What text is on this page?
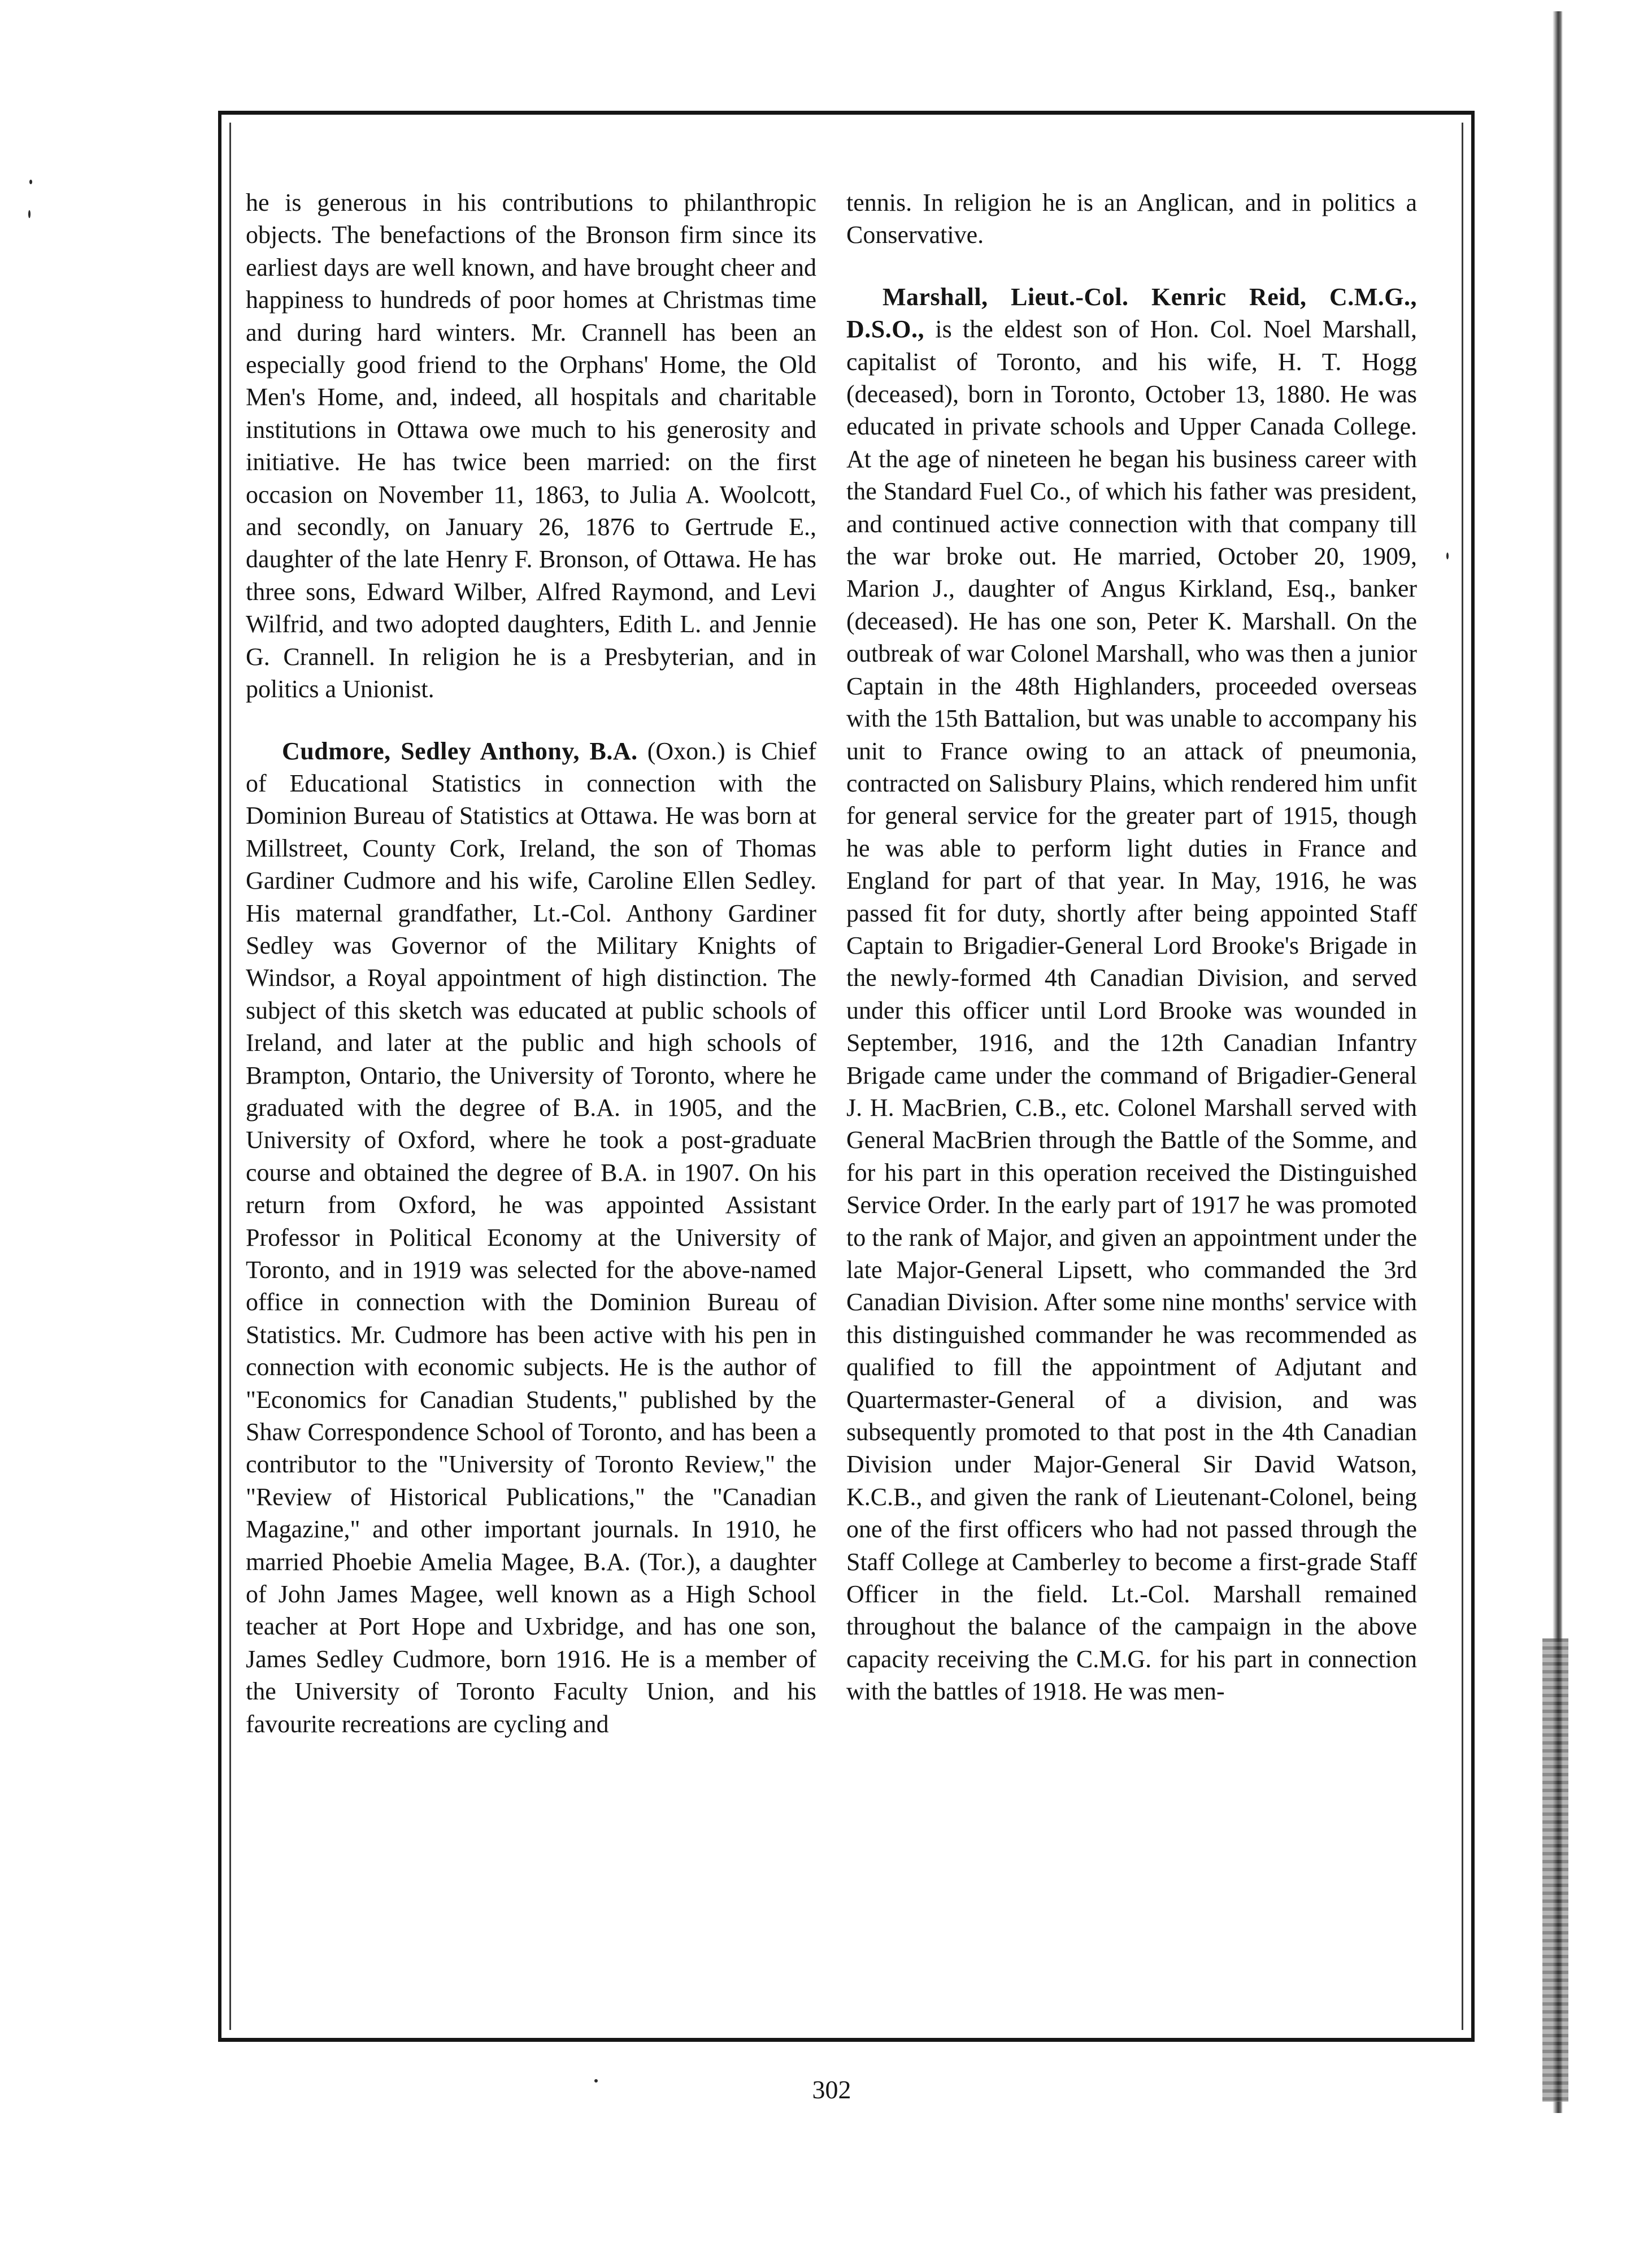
he is generous in his contributions to philanthropic objects. The benefactions of the Bronson firm since its earliest days are well known, and have brought cheer and happiness to hundreds of poor homes at Christmas time and during hard winters. Mr. Crannell has been an especially good friend to the Orphans' Home, the Old Men's Home, and, indeed, all hospitals and charitable institutions in Ottawa owe much to his generosity and initiative. He has twice been married: on the first occasion on November 11, 1863, to Julia A. Woolcott, and secondly, on January 26, 1876 to Gertrude E., daughter of the late Henry F. Bronson, of Ottawa. He has three sons, Edward Wilber, Alfred Raymond, and Levi Wilfrid, and two adopted daughters, Edith L. and Jennie G. Crannell. In religion he is a Presbyterian, and in politics a Unionist.

Cudmore, Sedley Anthony, B.A. (Oxon.) is Chief of Educational Statistics in connection with the Dominion Bureau of Statistics at Ottawa. He was born at Millstreet, County Cork, Ireland, the son of Thomas Gardiner Cudmore and his wife, Caroline Ellen Sedley. His maternal grandfather, Lt.-Col. Anthony Gardiner Sedley was Governor of the Military Knights of Windsor, a Royal appointment of high distinction. The subject of this sketch was educated at public schools of Ireland, and later at the public and high schools of Brampton, Ontario, the University of Toronto, where he graduated with the degree of B.A. in 1905, and the University of Oxford, where he took a post-graduate course and obtained the degree of B.A. in 1907. On his return from Oxford, he was appointed Assistant Professor in Political Economy at the University of Toronto, and in 1919 was selected for the above-named office in connection with the Dominion Bureau of Statistics. Mr. Cudmore has been active with his pen in connection with economic subjects. He is the author of "Economics for Canadian Students," published by the Shaw Correspondence School of Toronto, and has been a contributor to the "University of Toronto Review," the "Review of Historical Publications," the "Canadian Magazine," and other important journals. In 1910, he married Phoebie Amelia Magee, B.A. (Tor.), a daughter of John James Magee, well known as a High School teacher at Port Hope and Uxbridge, and has one son, James Sedley Cudmore, born 1916. He is a member of the University of Toronto Faculty Union, and his favourite recreations are cycling and

tennis. In religion he is an Anglican, and in politics a Conservative.

Marshall, Lieut.-Col. Kenric Reid, C.M.G., D.S.O., is the eldest son of Hon. Col. Noel Marshall, capitalist of Toronto, and his wife, H. T. Hogg (deceased), born in Toronto, October 13, 1880. He was educated in private schools and Upper Canada College. At the age of nineteen he began his business career with the Standard Fuel Co., of which his father was president, and continued active connection with that company till the war broke out. He married, October 20, 1909, Marion J., daughter of Angus Kirkland, Esq., banker (deceased). He has one son, Peter K. Marshall. On the outbreak of war Colonel Marshall, who was then a junior Captain in the 48th Highlanders, proceeded overseas with the 15th Battalion, but was unable to accompany his unit to France owing to an attack of pneumonia, contracted on Salisbury Plains, which rendered him unfit for general service for the greater part of 1915, though he was able to perform light duties in France and England for part of that year. In May, 1916, he was passed fit for duty, shortly after being appointed Staff Captain to Brigadier-General Lord Brooke's Brigade in the newly-formed 4th Canadian Division, and served under this officer until Lord Brooke was wounded in September, 1916, and the 12th Canadian Infantry Brigade came under the command of Brigadier-General J. H. MacBrien, C.B., etc. Colonel Marshall served with General MacBrien through the Battle of the Somme, and for his part in this operation received the Distinguished Service Order. In the early part of 1917 he was promoted to the rank of Major, and given an appointment under the late Major-General Lipsett, who commanded the 3rd Canadian Division. After some nine months' service with this distinguished commander he was recommended as qualified to fill the appointment of Adjutant and Quartermaster-General of a division, and was subsequently promoted to that post in the 4th Canadian Division under Major-General Sir David Watson, K.C.B., and given the rank of Lieutenant-Colonel, being one of the first officers who had not passed through the Staff College at Camberley to become a first-grade Staff Officer in the field. Lt.-Col. Marshall remained throughout the balance of the campaign in the above capacity receiving the C.M.G. for his part in connection with the battles of 1918. He was men-

302
